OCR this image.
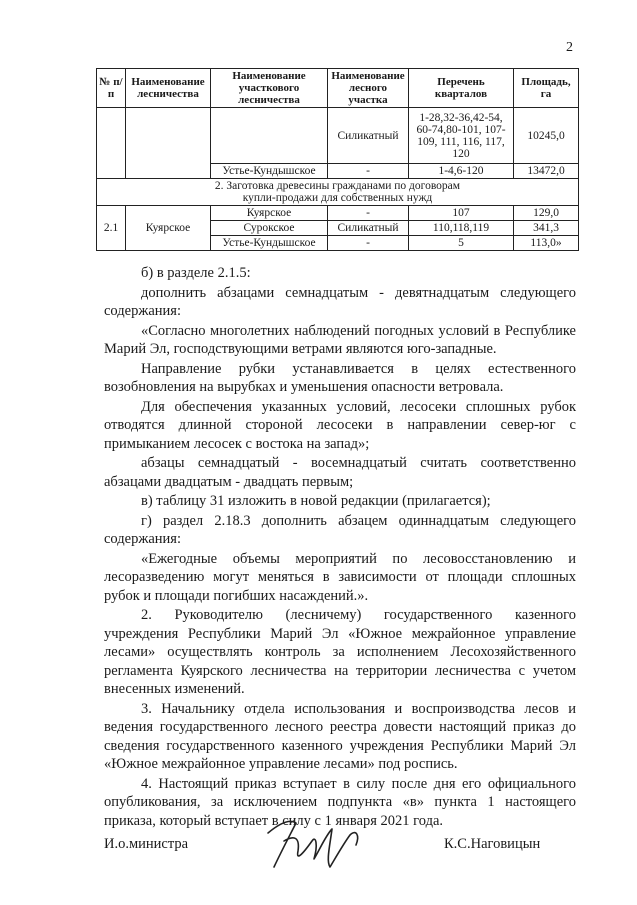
2
№ п/п	Наименование лесничества	Наименование участкового лесничества	Наименование лесного участка	Перечень кварталов	Площадь, га
			Силикатный	1-28,32-36,42-54, 60-74,80-101, 107-109, 111, 116, 117, 120	10245,0
		Устье-Кундышское	-	1-4,6-120	13472,0

2. Заготовка древесины гражданами по договорам
купли-продажи для собственных нужд					

2.1	Куярское	Куярское	-	107	129,0
		Сурокское	Силикатный	110,118,119	341,3
		Устье-Кундышское	-	5	113,0»

б) в разделе 2.1.5:

дополнить абзацами семнадцатым - девятнадцатым следующего содержания:

«Согласно многолетних наблюдений погодных условий в Республике Марий Эл, господствующими ветрами являются юго-западные.

Направление рубки устанавливается в целях естественного возобновления на вырубках и уменьшения опасности ветровала.

Для обеспечения указанных условий, лесосеки сплошных рубок отводятся длинной стороной лесосеки в направлении север-юг с примыканием лесосек с востока на запад»;

абзацы семнадцатый - восемнадцатый считать соответственно абзацами двадцатым - двадцать первым;

в) таблицу 31 изложить в новой редакции (прилагается);

г) раздел 2.18.3 дополнить абзацем одиннадцатым следующего содержания:

«Ежегодные объемы мероприятий по лесовосстановлению и лесоразведению могут меняться в зависимости от площади сплошных рубок и площади погибших насаждений.».

2. Руководителю (лесничему) государственного казенного учреждения Республики Марий Эл «Южное межрайонное управление лесами» осуществлять контроль за исполнением Лесохозяйственного регламента Куярского лесничества на территории лесничества с учетом внесенных изменений.

3. Начальнику отдела использования и воспроизводства лесов и ведения государственного лесного реестра довести настоящий приказ до сведения государственного казенного учреждения Республики Марий Эл «Южное межрайонное управление лесами» под роспись.

4. Настоящий приказ вступает в силу после дня его официального опубликования, за исключением подпункта «в» пункта 1 настоящего приказа, который вступает в силу с 1 января 2021 года.

И.о.министра	К.С.Наговицын
